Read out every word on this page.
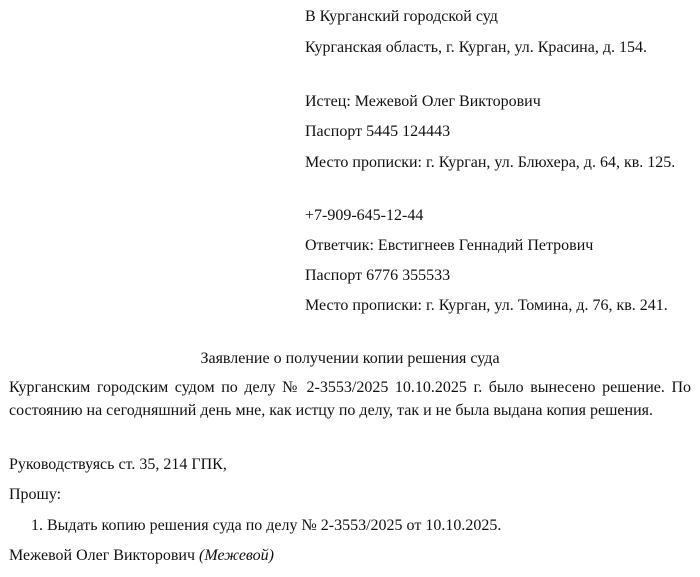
В Курганский городской суд
Курганская область, г. Курган, ул. Красина, д. 154.
Истец: Межевой Олег Викторович
Паспорт 5445 124443
Место прописки: г. Курган, ул. Блюхера, д. 64, кв. 125.
+7-909-645-12-44
Ответчик: Евстигнеев Геннадий Петрович
Паспорт 6776 355533
Место прописки: г. Курган, ул. Томина, д. 76, кв. 241.
Заявление о получении копии решения суда
Курганским городским судом по делу № 2-3553/2025 10.10.2025 г. было вынесено решение. По состоянию на сегодняшний день мне, как истцу по делу, так и не была выдана копия решения.
Руководствуясь ст. 35, 214 ГПК,
Прошу:
1. Выдать копию решения суда по делу № 2-3553/2025 от 10.10.2025.
Межевой Олег Викторович (Межевой)
